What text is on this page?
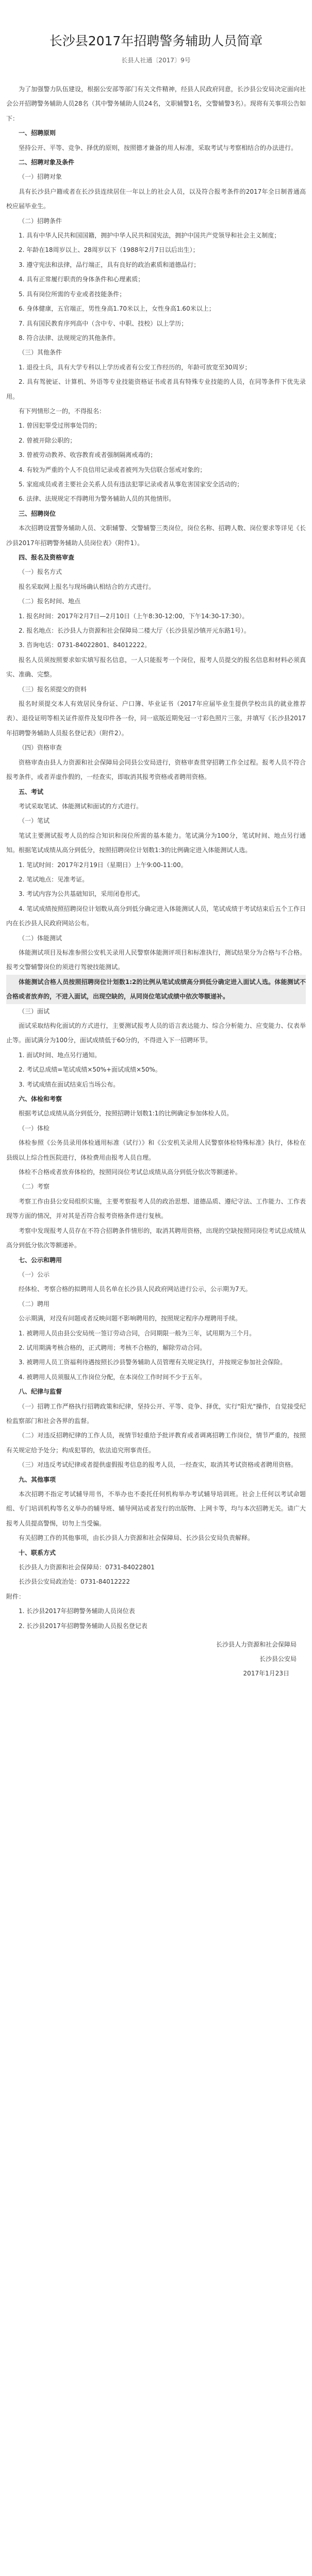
长沙县2017年招聘警务辅助人员简章
长县人社通〔2017〕9号

为了加强警力队伍建设，根据公安部等部门有关文件精神，经县人民政府同意，长沙县公安局决定面向社会公开招聘警务辅助人员28名（其中警务辅助人员24名，文职辅警1名，交警辅警3名）。现将有关事项公告如下：

一、招聘原则

坚持公开、平等、竞争、择优的原则，按照德才兼备的用人标准，采取考试与考察相结合的办法进行。

二、招聘对象及条件

（一）招聘对象

具有长沙县户籍或者在长沙县连续居住一年以上的社会人员，以及符合报考条件的2017年全日制普通高校应届毕业生。

（二）招聘条件

1. 具有中华人民共和国国籍，拥护中华人民共和国宪法，拥护中国共产党领导和社会主义制度；

2. 年龄在18周岁以上、28周岁以下（1988年2月7日以后出生）；

3. 遵守宪法和法律，品行端正，具有良好的政治素质和道德品行；

4. 具有正常履行职责的身体条件和心理素质；

5. 具有岗位所需的专业或者技能条件；

6. 身体健康，五官端正，男性身高1.70米以上，女性身高1.60米以上；

7. 具有国民教育序列高中（含中专、中职、技校）以上学历；

8. 符合法律、法规规定的其他条件。

（三）其他条件

1. 退役士兵，具有大学专科以上学历或者有公安工作经历的，年龄可放宽至30周岁；

2. 具有驾驶证、计算机、外语等专业技能资格证书或者具有特殊专业技能的人员，在同等条件下优先录用。

有下列情形之一的，不得报名：

1. 曾因犯罪受过刑事处罚的；

2. 曾被开除公职的；

3. 曾被劳动教养、收容教育或者强制隔离戒毒的；

4. 有较为严重的个人不良信用记录或者被列为失信联合惩戒对象的；

5. 家庭成员或者主要社会关系人员有违法犯罪记录或者从事危害国家安全活动的；

6. 法律、法规规定不得聘用为警务辅助人员的其他情形。

三、招聘岗位

本次招聘设置警务辅助人员、文职辅警、交警辅警三类岗位，岗位名称、招聘人数、岗位要求等详见《长沙县2017年招聘警务辅助人员岗位表》（附件1）。

四、报名及资格审查

（一）报名方式

报名采取网上报名与现场确认相结合的方式进行。

（二）报名时间、地点

1. 报名时间：2017年2月7日—2月10日（上午8:30-12:00，下午14:30-17:30）。

2. 报名地点：长沙县人力资源和社会保障局二楼大厅（长沙县星沙镇开元东路1号）。

3. 咨询电话：0731-84022801、84012222。

报名人员须按照要求如实填写报名信息，一人只能报考一个岗位，报考人员提交的报名信息和材料必须真实、准确、完整。

（三）报名须提交的资料

报名时须提交本人有效居民身份证、户口簿、毕业证书（2017年应届毕业生提供学校出具的就业推荐表）、退役证明等相关证件原件及复印件各一份，同一底版近期免冠一寸彩色照片三张，并填写《长沙县2017年招聘警务辅助人员报名登记表》（附件2）。

（四）资格审查

资格审查由县人力资源和社会保障局会同县公安局进行，资格审查贯穿招聘工作全过程。报考人员不符合报考条件，或者弄虚作假的，一经查实，即取消其报考资格或者聘用资格。

五、考试

考试采取笔试、体能测试和面试的方式进行。

（一）笔试

笔试主要测试报考人员的综合知识和岗位所需的基本能力。笔试满分为100分，笔试时间、地点另行通知。根据笔试成绩从高分到低分，按照招聘岗位计划数1:3的比例确定进入体能测试人选。

1. 笔试时间：2017年2月19日（星期日）上午9:00-11:00。

2. 笔试地点：见准考证。

3. 考试内容为公共基础知识，采用闭卷形式。

4. 笔试成绩按照招聘岗位计划数从高分到低分确定进入体能测试人员，笔试成绩于考试结束后五个工作日内在长沙县人民政府网站公布。

（二）体能测试

体能测试项目及标准参照公安机关录用人民警察体能测评项目和标准执行，测试结果分为合格与不合格。报考交警辅警岗位的须进行驾驶技能测试。

体能测试合格人员按照招聘岗位计划数1:2的比例从笔试成绩高分到低分确定进入面试人选。体能测试不合格或者放弃的，不进入面试，出现空缺的，从同岗位笔试成绩中依次等额递补。

（三）面试

面试采取结构化面试的方式进行，主要测试报考人员的语言表达能力、综合分析能力、应变能力、仪表举止等。面试满分为100分，面试成绩低于60分的，不得进入下一招聘环节。

1. 面试时间、地点另行通知。

2. 考试总成绩=笔试成绩×50%+面试成绩×50%。

3. 考试成绩在面试结束后当场公布。

六、体检和考察

根据考试总成绩从高分到低分，按照招聘计划数1:1的比例确定参加体检人员。

（一）体检

体检参照《公务员录用体检通用标准（试行）》和《公安机关录用人民警察体检特殊标准》执行，体检在县级以上综合性医院进行，体检费用由报考人员自理。

体检不合格或者放弃体检的，按照同岗位考试总成绩从高分到低分依次等额递补。

（二）考察

考察工作由县公安局组织实施，主要考察报考人员的政治思想、道德品质、遵纪守法、工作能力、工作表现等方面的情况，并对其是否符合报考资格条件进行复核。

考察中发现报考人员存在不符合招聘条件情形的，取消其聘用资格，出现的空缺按照同岗位考试总成绩从高分到低分依次等额递补。

七、公示和聘用

（一）公示

经体检、考察合格的拟聘用人员名单在长沙县人民政府网站进行公示，公示期为7天。

（二）聘用

公示期满，对没有问题或者反映问题不影响聘用的，按照规定程序办理聘用手续。

1. 被聘用人员由县公安局统一签订劳动合同，合同期限一般为三年，试用期为三个月。

2. 试用期满考核合格的，正式聘用；考核不合格的，解除劳动合同。

3. 被聘用人员工资福利待遇按照长沙县警务辅助人员管理有关规定执行，并按规定参加社会保险。

4. 被聘用人员须服从工作岗位分配，在本岗位工作时间不少于五年。

八、纪律与监督

（一）招聘工作严格执行招聘政策和纪律，坚持公开、平等、竞争、择优，实行"阳光"操作，自觉接受纪检监察部门和社会各界的监督。

（二）对违反招聘纪律的工作人员，视情节轻重给予批评教育或者调离招聘工作岗位，情节严重的，按照有关规定给予处分；构成犯罪的，依法追究刑事责任。

（三）对违反考试纪律或者提供虚假报考信息的报考人员，一经查实，取消其考试资格或者聘用资格。

九、其他事项

本次招聘不指定考试辅导用书，不举办也不委托任何机构举办考试辅导培训班。社会上任何以考试命题组、专门培训机构等名义举办的辅导班、辅导网站或者发行的出版物、上网卡等，均与本次招聘无关。请广大报考人员提高警惕，切勿上当受骗。

有关招聘工作的其他事项，由长沙县人力资源和社会保障局、长沙县公安局负责解释。

十、联系方式

长沙县人力资源和社会保障局：0731-84022801

长沙县公安局政治处：0731-84012222

附件：

1. 长沙县2017年招聘警务辅助人员岗位表

2. 长沙县2017年招聘警务辅助人员报名登记表

长沙县人力资源和社会保障局

长沙县公安局

2017年1月23日
